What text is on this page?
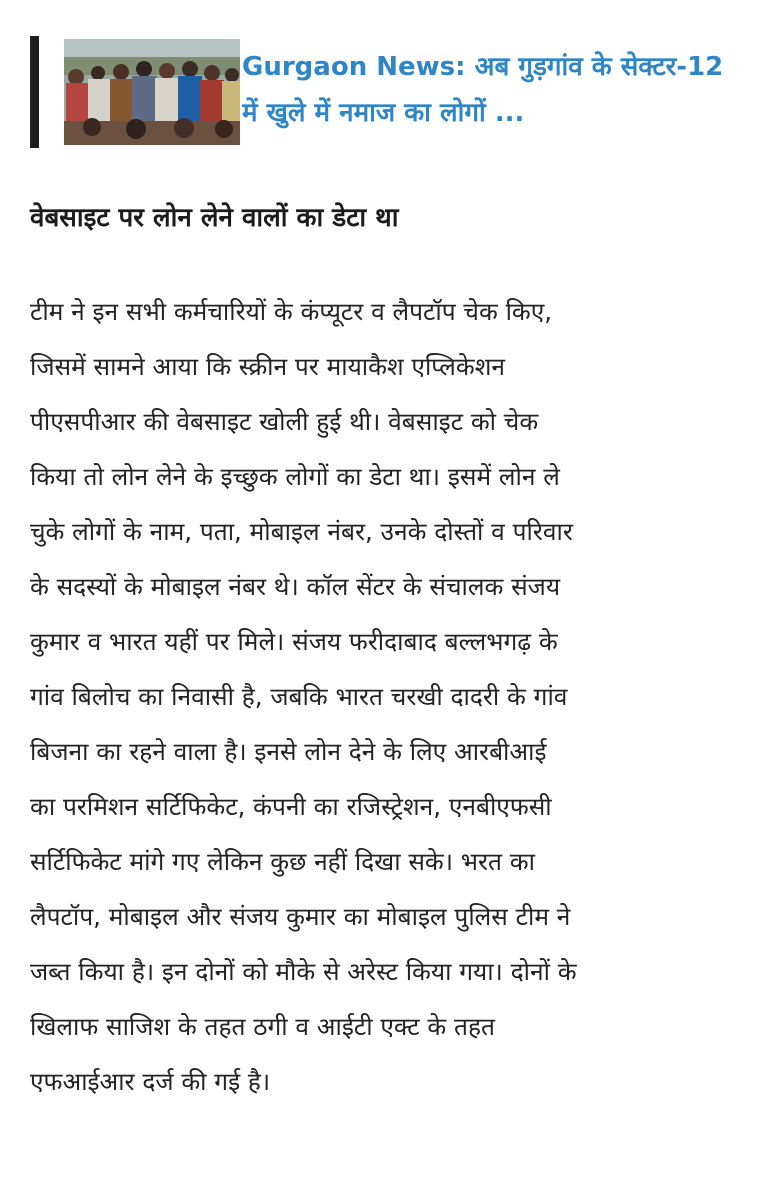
Gurgaon News: अब गुड़गांव के सेक्टर-12 में खुले में नमाज का लोगों ...
वेबसाइट पर लोन लेने वालों का डेटा था
टीम ने इन सभी कर्मचारियों के कंप्यूटर व लैपटॉप चेक किए,
जिसमें सामने आया कि स्क्रीन पर मायाकैश एप्लिकेशन
पीएसपीआर की वेबसाइट खोली हुई थी। वेबसाइट को चेक
किया तो लोन लेने के इच्छुक लोगों का डेटा था। इसमें लोन ले
चुके लोगों के नाम, पता, मोबाइल नंबर, उनके दोस्तों व परिवार
के सदस्यों के मोबाइल नंबर थे। कॉल सेंटर के संचालक संजय
कुमार व भारत यहीं पर मिले। संजय फरीदाबाद बल्लभगढ़ के
गांव बिलोच का निवासी है, जबकि भारत चरखी दादरी के गांव
बिजना का रहने वाला है। इनसे लोन देने के लिए आरबीआई
का परमिशन सर्टिफिकेट, कंपनी का रजिस्ट्रेशन, एनबीएफसी
सर्टिफिकेट मांगे गए लेकिन कुछ नहीं दिखा सके। भरत का
लैपटॉप, मोबाइल और संजय कुमार का मोबाइल पुलिस टीम ने
जब्त किया है। इन दोनों को मौके से अरेस्ट किया गया। दोनों के
खिलाफ साजिश के तहत ठगी व आईटी एक्ट के तहत
एफआईआर दर्ज की गई है।
